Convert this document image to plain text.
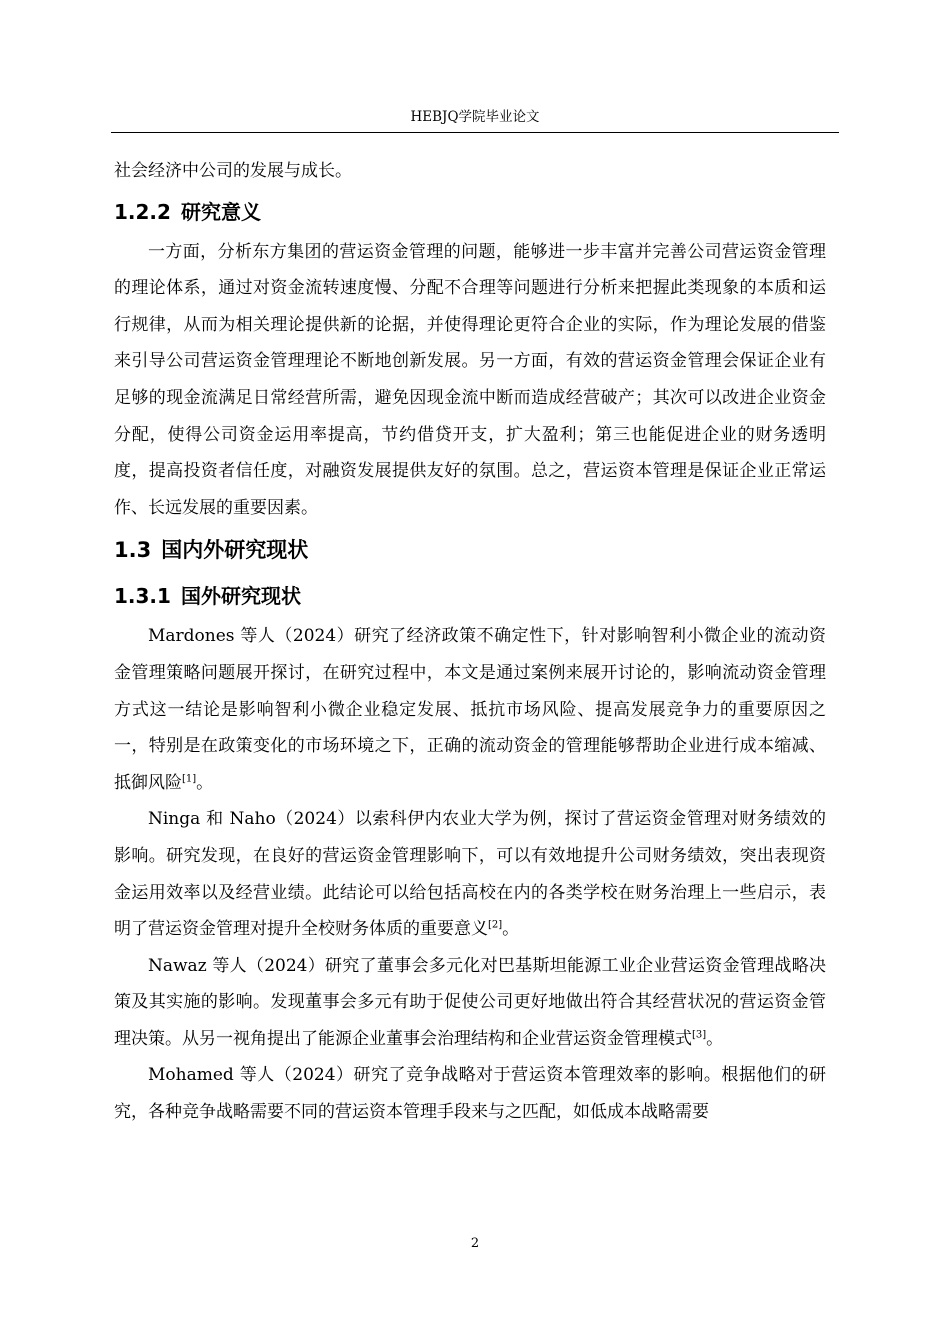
HEBJQ学院毕业论文

社会经济中公司的发展与成长。

1.2.2 研究意义

一方面，分析东方集团的营运资金管理的问题，能够进一步丰富并完善公司营运资金管理的理论体系，通过对资金流转速度慢、分配不合理等问题进行分析来把握此类现象的本质和运行规律，从而为相关理论提供新的论据，并使得理论更符合企业的实际，作为理论发展的借鉴来引导公司营运资金管理理论不断地创新发展。另一方面，有效的营运资金管理会保证企业有足够的现金流满足日常经营所需，避免因现金流中断而造成经营破产；其次可以改进企业资金分配，使得公司资金运用率提高，节约借贷开支，扩大盈利；第三也能促进企业的财务透明度，提高投资者信任度，对融资发展提供友好的氛围。总之，营运资本管理是保证企业正常运作、长远发展的重要因素。

1.3 国内外研究现状
1.3.1 国外研究现状

Mardones 等人（2024）研究了经济政策不确定性下，针对影响智利小微企业的流动资金管理策略问题展开探讨，在研究过程中，本文是通过案例来展开讨论的，影响流动资金管理方式这一结论是影响智利小微企业稳定发展、抵抗市场风险、提高发展竞争力的重要原因之一，特别是在政策变化的市场环境之下，正确的流动资金的管理能够帮助企业进行成本缩减、抵御风险[1]。

Ninga 和 Naho（2024）以索科伊内农业大学为例，探讨了营运资金管理对财务绩效的影响。研究发现，在良好的营运资金管理影响下，可以有效地提升公司财务绩效，突出表现资金运用效率以及经营业绩。此结论可以给包括高校在内的各类学校在财务治理上一些启示，表明了营运资金管理对提升全校财务体质的重要意义[2]。

Nawaz 等人（2024）研究了董事会多元化对巴基斯坦能源工业企业营运资金管理战略决策及其实施的影响。发现董事会多元有助于促使公司更好地做出符合其经营状况的营运资金管理决策。从另一视角提出了能源企业董事会治理结构和企业营运资金管理模式[3]。

Mohamed 等人（2024）研究了竞争战略对于营运资本管理效率的影响。根据他们的研究，各种竞争战略需要不同的营运资本管理手段来与之匹配，如低成本战略需要

2
